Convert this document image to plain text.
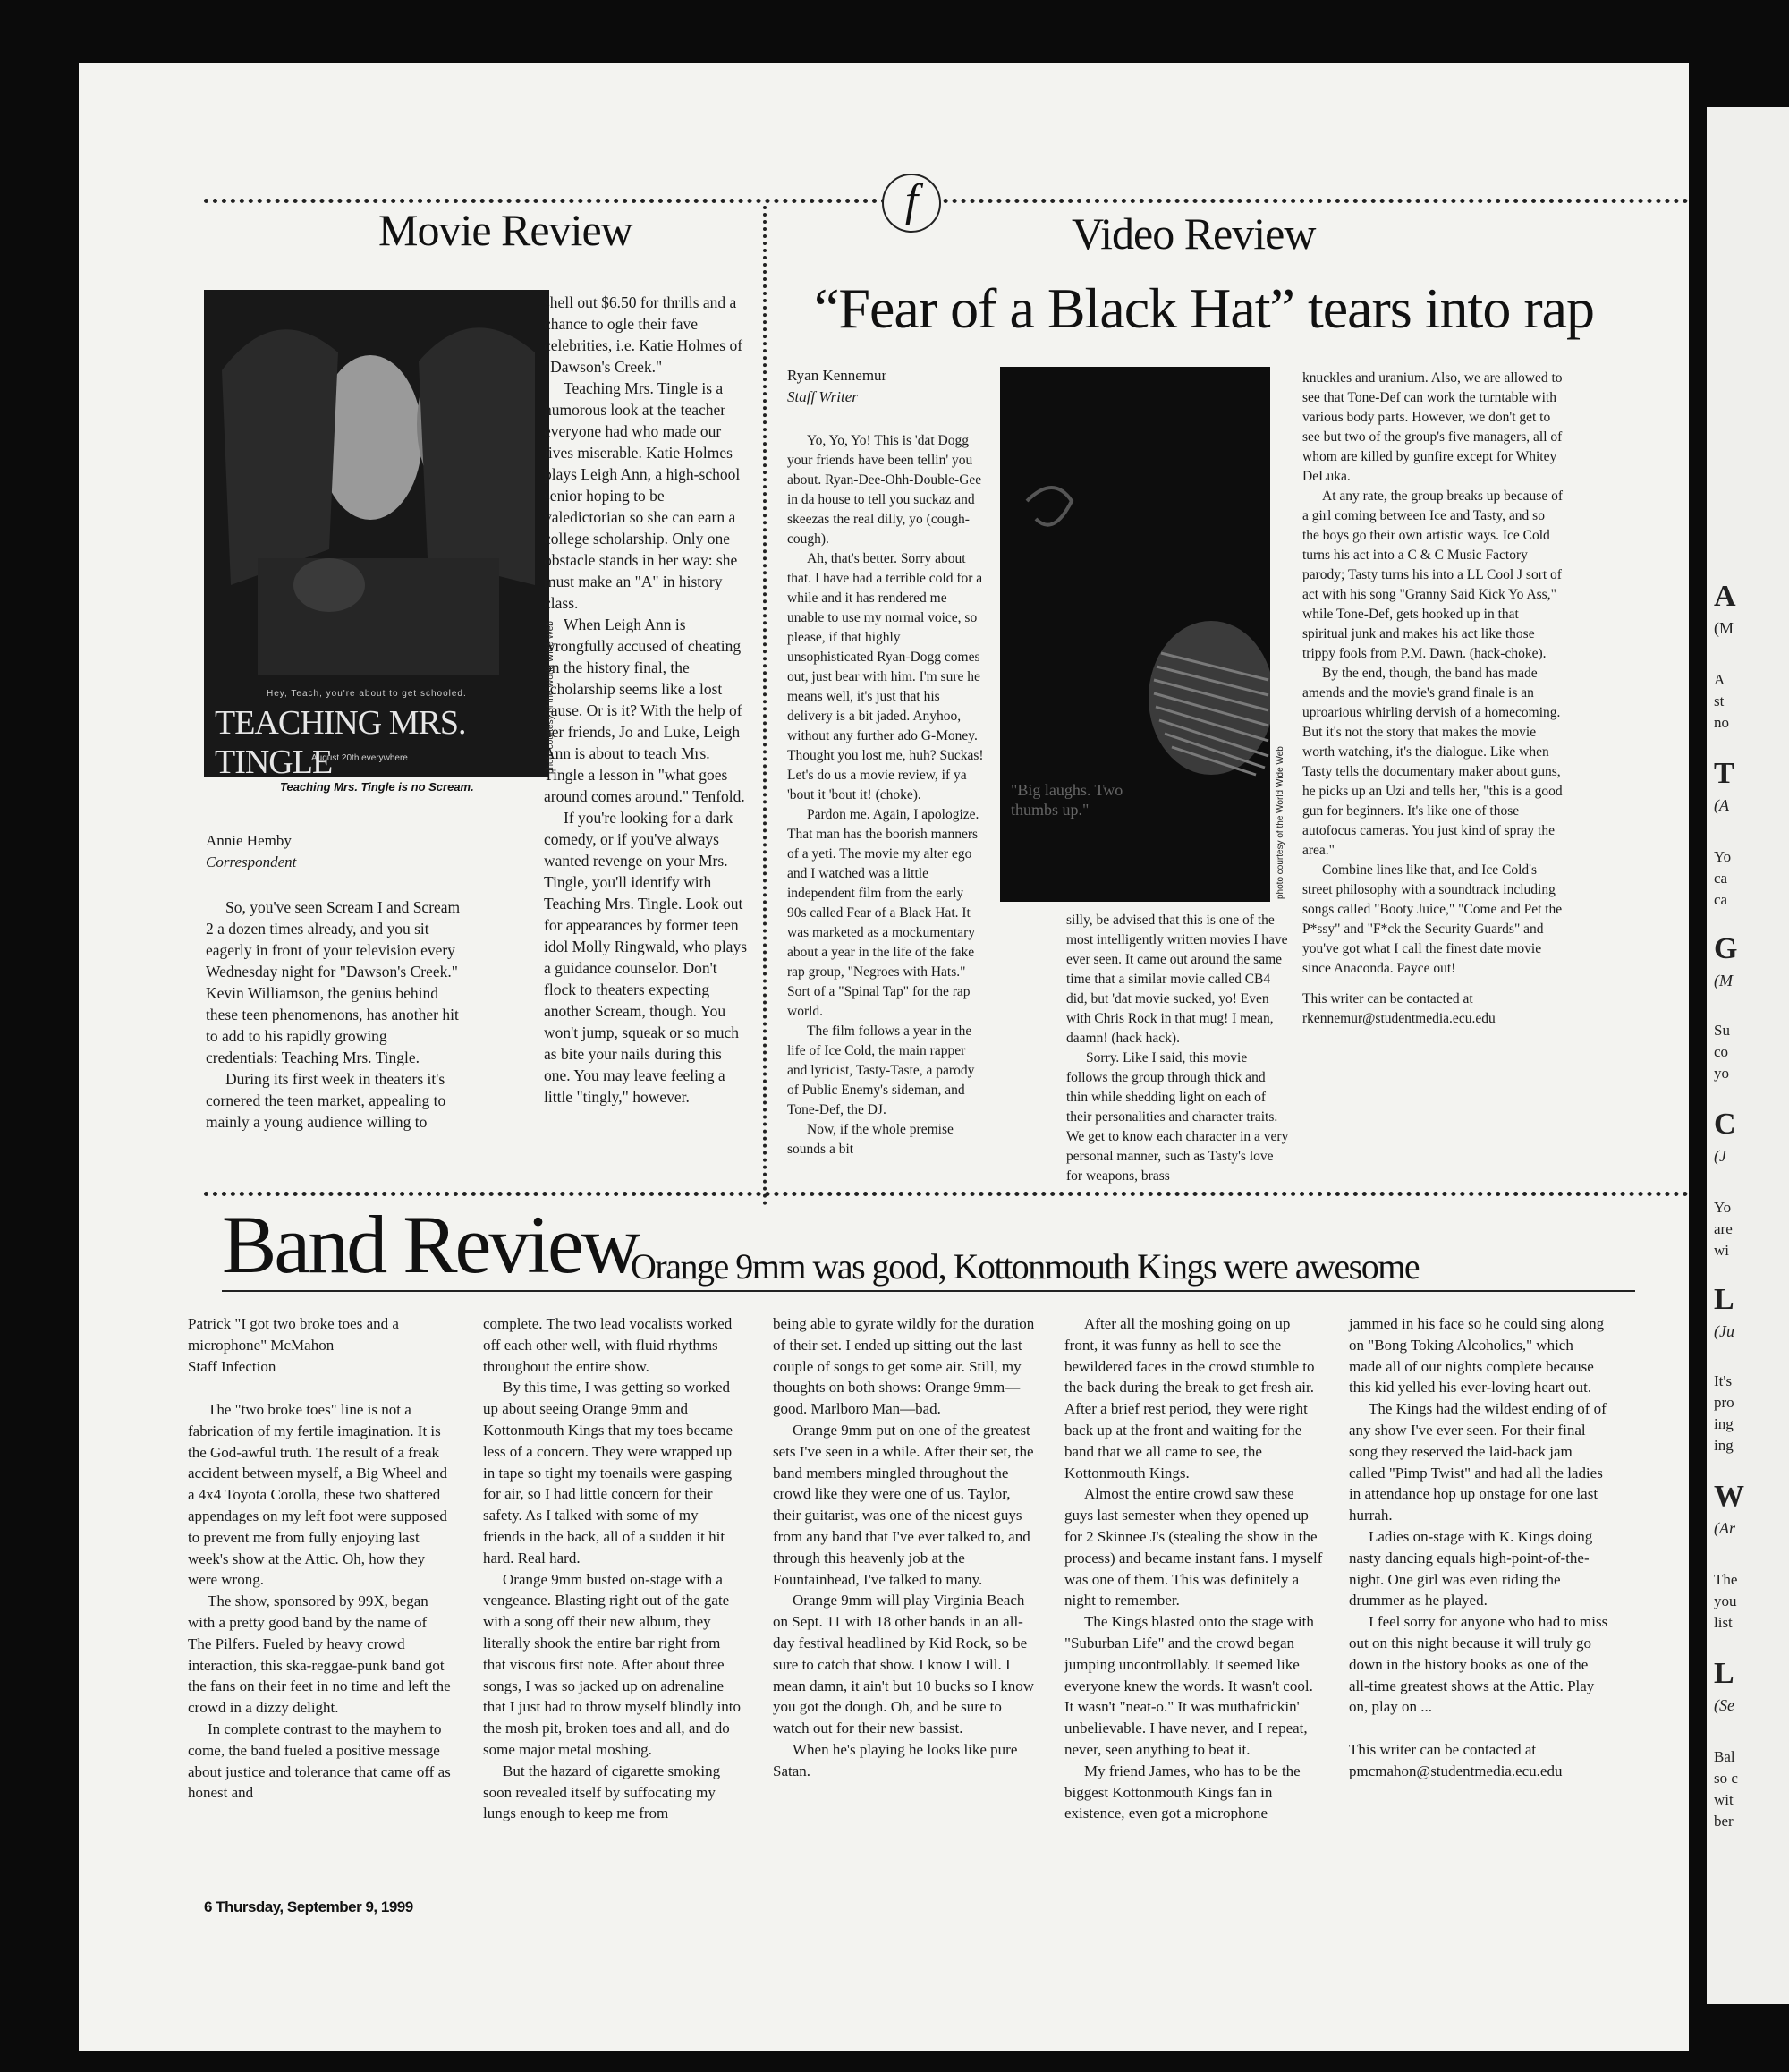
f
Movie Review
Hey, Teach, you're about to get schooled.
TEACHING MRS. TINGLE
August 20th everywhere
Teaching Mrs. Tingle is no Scream.
photo courtesy of the World Wide Web
Annie Hemby
Correspondent

So, you've seen Scream I and Scream 2 a dozen times already, and you sit eagerly in front of your television every Wednesday night for "Dawson's Creek." Kevin Williamson, the genius behind these teen phenomenons, has another hit to add to his rapidly growing credentials: Teaching Mrs. Tingle.

During its first week in theaters it's cornered the teen market, appealing to mainly a young audience willing to

shell out $6.50 for thrills and a chance to ogle their fave celebrities, i.e. Katie Holmes of "Dawson's Creek."

Teaching Mrs. Tingle is a humorous look at the teacher everyone had who made our lives miserable. Katie Holmes plays Leigh Ann, a high-school senior hoping to be valedictorian so she can earn a college scholarship. Only one obstacle stands in her way: she must make an "A" in history class.

When Leigh Ann is wrongfully accused of cheating on the history final, the scholarship seems like a lost cause. Or is it? With the help of her friends, Jo and Luke, Leigh Ann is about to teach Mrs. Tingle a lesson in "what goes around comes around." Tenfold.

If you're looking for a dark comedy, or if you've always wanted revenge on your Mrs. Tingle, you'll identify with Teaching Mrs. Tingle. Look out for appearances by former teen idol Molly Ringwald, who plays a guidance counselor. Don't flock to theaters expecting another Scream, though. You won't jump, squeak or so much as bite your nails during this one. You may leave feeling a little "tingly," however.

Video Review
“Fear of a Black Hat” tears into rap
Ryan Kennemur
Staff Writer

Yo, Yo, Yo! This is 'dat Dogg your friends have been tellin' you about. Ryan-Dee-Ohh-Double-Gee in da house to tell you suckaz and skeezas the real dilly, yo (cough-cough).

Ah, that's better. Sorry about that. I have had a terrible cold for a while and it has rendered me unable to use my normal voice, so please, if that highly unsophisticated Ryan-Dogg comes out, just bear with him. I'm sure he means well, it's just that his delivery is a bit jaded. Anyhoo, without any further ado G-Money. Thought you lost me, huh? Suckas! Let's do us a movie review, if ya 'bout it 'bout it! (choke).

Pardon me. Again, I apologize. That man has the boorish manners of a yeti. The movie my alter ego and I watched was a little independent film from the early 90s called Fear of a Black Hat. It was marketed as a mockumentary about a year in the life of the fake rap group, "Negroes with Hats." Sort of a "Spinal Tap" for the rap world.

The film follows a year in the life of Ice Cold, the main rapper and lyricist, Tasty-Taste, a parody of Public Enemy's sideman, and Tone-Def, the DJ.

Now, if the whole premise sounds a bit

"Big laughs. Two thumbs up."	photo courtesy of the World Wide Web

silly, be advised that this is one of the most intelligently written movies I have ever seen. It came out around the same time that a similar movie called CB4 did, but 'dat movie sucked, yo! Even with Chris Rock in that mug! I mean, daamn! (hack hack).

Sorry. Like I said, this movie follows the group through thick and thin while shedding light on each of their personalities and character traits. We get to know each character in a very personal manner, such as Tasty's love for weapons, brass

knuckles and uranium. Also, we are allowed to see that Tone-Def can work the turntable with various body parts. However, we don't get to see but two of the group's five managers, all of whom are killed by gunfire except for Whitey DeLuka.

At any rate, the group breaks up because of a girl coming between Ice and Tasty, and so the boys go their own artistic ways. Ice Cold turns his act into a C & C Music Factory parody; Tasty turns his into a LL Cool J sort of act with his song "Granny Said Kick Yo Ass," while Tone-Def, gets hooked up in that spiritual junk and makes his act like those trippy fools from P.M. Dawn. (hack-choke).

By the end, though, the band has made amends and the movie's grand finale is an uproarious whirling dervish of a homecoming. But it's not the story that makes the movie worth watching, it's the dialogue. Like when Tasty tells the documentary maker about guns, he picks up an Uzi and tells her, "this is a good gun for beginners. It's like one of those autofocus cameras. You just kind of spray the area."

Combine lines like that, and Ice Cold's street philosophy with a soundtrack including songs called "Booty Juice," "Come and Pet the P*ssy" and "F*ck the Security Guards" and you've got what I call the finest date movie since Anaconda. Payce out!

This writer can be contacted at rkennemur@studentmedia.ecu.edu

Band Review
Orange 9mm was good, Kottonmouth Kings were awesome
Patrick "I got two broke toes and a microphone" McMahon
Staff Infection

The "two broke toes" line is not a fabrication of my fertile imagination. It is the God-awful truth. The result of a freak accident between myself, a Big Wheel and a 4x4 Toyota Corolla, these two shattered appendages on my left foot were supposed to prevent me from fully enjoying last week's show at the Attic. Oh, how they were wrong.

The show, sponsored by 99X, began with a pretty good band by the name of The Pilfers. Fueled by heavy crowd interaction, this ska-reggae-punk band got the fans on their feet in no time and left the crowd in a dizzy delight.

In complete contrast to the mayhem to come, the band fueled a positive message about justice and tolerance that came off as honest and

complete. The two lead vocalists worked off each other well, with fluid rhythms throughout the entire show.

By this time, I was getting so worked up about seeing Orange 9mm and Kottonmouth Kings that my toes became less of a concern. They were wrapped up in tape so tight my toenails were gasping for air, so I had little concern for their safety. As I talked with some of my friends in the back, all of a sudden it hit hard. Real hard.

Orange 9mm busted on-stage with a vengeance. Blasting right out of the gate with a song off their new album, they literally shook the entire bar right from that viscous first note. After about three songs, I was so jacked up on adrenaline that I just had to throw myself blindly into the mosh pit, broken toes and all, and do some major metal moshing.

But the hazard of cigarette smoking soon revealed itself by suffocating my lungs enough to keep me from

being able to gyrate wildly for the duration of their set. I ended up sitting out the last couple of songs to get some air. Still, my thoughts on both shows: Orange 9mm—good. Marlboro Man—bad.

Orange 9mm put on one of the greatest sets I've seen in a while. After their set, the band members mingled throughout the crowd like they were one of us. Taylor, their guitarist, was one of the nicest guys from any band that I've ever talked to, and through this heavenly job at the Fountainhead, I've talked to many.

Orange 9mm will play Virginia Beach on Sept. 11 with 18 other bands in an all-day festival headlined by Kid Rock, so be sure to catch that show. I know I will. I mean damn, it ain't but 10 bucks so I know you got the dough. Oh, and be sure to watch out for their new bassist.

When he's playing he looks like pure Satan.

After all the moshing going on up front, it was funny as hell to see the bewildered faces in the crowd stumble to the back during the break to get fresh air. After a brief rest period, they were right back up at the front and waiting for the band that we all came to see, the Kottonmouth Kings.

Almost the entire crowd saw these guys last semester when they opened up for 2 Skinnee J's (stealing the show in the process) and became instant fans. I myself was one of them. This was definitely a night to remember.

The Kings blasted onto the stage with "Suburban Life" and the crowd began jumping uncontrollably. It seemed like everyone knew the words. It wasn't cool. It wasn't "neat-o." It was muthafrickin' unbelievable. I have never, and I repeat, never, seen anything to beat it.

My friend James, who has to be the biggest Kottonmouth Kings fan in existence, even got a microphone

jammed in his face so he could sing along on "Bong Toking Alcoholics," which made all of our nights complete because this kid yelled his ever-loving heart out.

The Kings had the wildest ending of of any show I've ever seen. For their final song they reserved the laid-back jam called "Pimp Twist" and had all the ladies in attendance hop up onstage for one last hurrah.

Ladies on-stage with K. Kings doing nasty dancing equals high-point-of-the-night. One girl was even riding the drummer as he played.

I feel sorry for anyone who had to miss out on this night because it will truly go down in the history books as one of the all-time greatest shows at the Attic. Play on, play on ...

This writer can be contacted at pmcmahon@studentmedia.ecu.edu

6 Thursday, September 9, 1999
A
(M
A
st
no
T
(A
Yo
ca
ca
G
(M
Su
co
yo
C
(J
Yo
are
wi
L
(Ju
It's
pro
ing
ing
W
(Ar
The
you
list
L
(Se
Bal
so c
wit
ber
